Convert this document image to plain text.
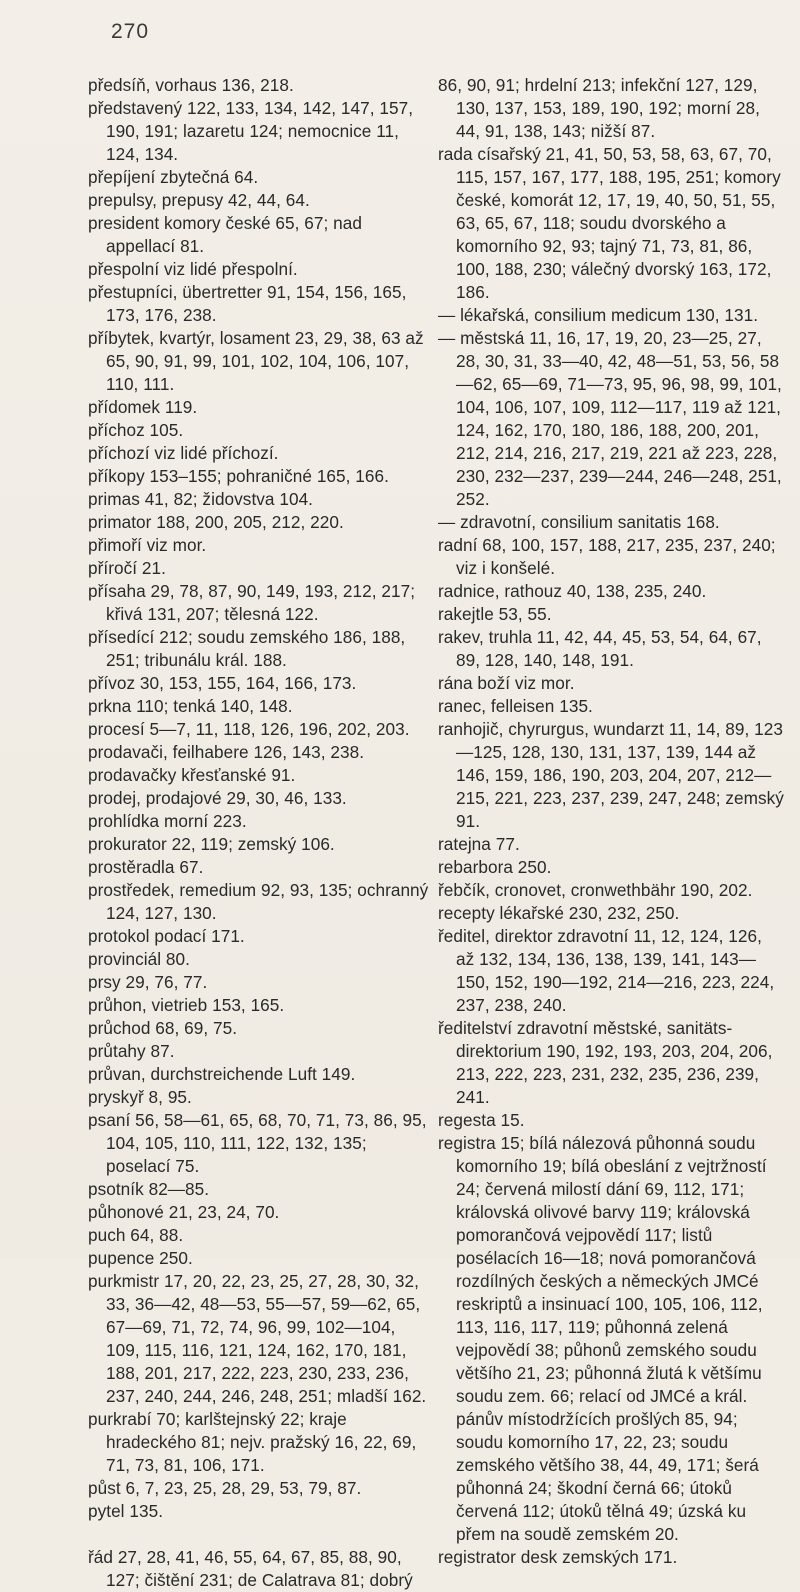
270

předsíň, vorhaus 136, 218.

představený 122, 133, 134, 142, 147, 157, 190, 191; lazaretu 124; nemocnice 11, 124, 134.

přepíjení zbytečná 64.

prepulsy, prepusy 42, 44, 64.

president komory české 65, 67; nad appellací 81.

přespolní viz lidé přespolní.

přestupníci, übertretter 91, 154, 156, 165, 173, 176, 238.

příbytek, kvartýr, losament 23, 29, 38, 63 až 65, 90, 91, 99, 101, 102, 104, 106, 107, 110, 111.

přídomek 119.

příchoz 105.

příchozí viz lidé příchozí.

příkopy 153–155; pohraničné 165, 166.

primas 41, 82; židovstva 104.

primator 188, 200, 205, 212, 220.

přimoří viz mor.

příročí 21.

přísaha 29, 78, 87, 90, 149, 193, 212, 217; křivá 131, 207; tělesná 122.

přísedící 212; soudu zemského 186, 188, 251; tribunálu král. 188.

přívoz 30, 153, 155, 164, 166, 173.

prkna 110; tenká 140, 148.

procesí 5—7, 11, 118, 126, 196, 202, 203.

prodavači, feilhabere 126, 143, 238.

prodavačky křesťanské 91.

prodej, prodajové 29, 30, 46, 133.

prohlídka morní 223.

prokurator 22, 119; zemský 106.

prostěradla 67.

prostředek, remedium 92, 93, 135; ochranný 124, 127, 130.

protokol podací 171.

provinciál 80.

prsy 29, 76, 77.

průhon, vietrieb 153, 165.

průchod 68, 69, 75.

průtahy 87.

průvan, durchstreichende Luft 149.

pryskyř 8, 95.

psaní 56, 58—61, 65, 68, 70, 71, 73, 86, 95, 104, 105, 110, 111, 122, 132, 135; poselací 75.

psotník 82—85.

půhonové 21, 23, 24, 70.

puch 64, 88.

pupence 250.

purkmistr 17, 20, 22, 23, 25, 27, 28, 30, 32, 33, 36—42, 48—53, 55—57, 59—62, 65, 67—69, 71, 72, 74, 96, 99, 102—104, 109, 115, 116, 121, 124, 162, 170, 181, 188, 201, 217, 222, 223, 230, 233, 236, 237, 240, 244, 246, 248, 251; mladší 162.

purkrabí 70; karlštejnský 22; kraje hradeckého 81; nejv. pražský 16, 22, 69, 71, 73, 81, 106, 171.

půst 6, 7, 23, 25, 28, 29, 53, 79, 87.

pytel 135.

řád 27, 28, 41, 46, 55, 64, 67, 85, 88, 90, 127; čištění 231; de Calatrava 81; dobrý

86, 90, 91; hrdelní 213; infekční 127, 129, 130, 137, 153, 189, 190, 192; morní 28, 44, 91, 138, 143; nižší 87.

rada císařský 21, 41, 50, 53, 58, 63, 67, 70, 115, 157, 167, 177, 188, 195, 251; komory české, komorát 12, 17, 19, 40, 50, 51, 55, 63, 65, 67, 118; soudu dvorského a komorního 92, 93; tajný 71, 73, 81, 86, 100, 188, 230; válečný dvorský 163, 172, 186.

— lékařská, consilium medicum 130, 131.

— městská 11, 16, 17, 19, 20, 23—25, 27, 28, 30, 31, 33—40, 42, 48—51, 53, 56, 58—62, 65—69, 71—73, 95, 96, 98, 99, 101, 104, 106, 107, 109, 112—117, 119 až 121, 124, 162, 170, 180, 186, 188, 200, 201, 212, 214, 216, 217, 219, 221 až 223, 228, 230, 232—237, 239—244, 246—248, 251, 252.

— zdravotní, consilium sanitatis 168.

radní 68, 100, 157, 188, 217, 235, 237, 240; viz i konšelé.

radnice, rathouz 40, 138, 235, 240.

rakejtle 53, 55.

rakev, truhla 11, 42, 44, 45, 53, 54, 64, 67, 89, 128, 140, 148, 191.

rána boží viz mor.

ranec, felleisen 135.

ranhojič, chyrurgus, wundarzt 11, 14, 89, 123—125, 128, 130, 131, 137, 139, 144 až 146, 159, 186, 190, 203, 204, 207, 212—215, 221, 223, 237, 239, 247, 248; zemský 91.

ratejna 77.

rebarbora 250.

řebčík, cronovet, cronwethbähr 190, 202.

recepty lékařské 230, 232, 250.

ředitel, direktor zdravotní 11, 12, 124, 126, až 132, 134, 136, 138, 139, 141, 143—150, 152, 190—192, 214—216, 223, 224, 237, 238, 240.

ředitelství zdravotní městské, sanitäts-direktorium 190, 192, 193, 203, 204, 206, 213, 222, 223, 231, 232, 235, 236, 239, 241.

regesta 15.

registra 15; bílá nálezová půhonná soudu komorního 19; bílá obeslání z vejtržností 24; červená milostí dání 69, 112, 171; královská olivové barvy 119; královská pomorančová vejpovědí 117; listů posélacích 16—18; nová pomorančová rozdílných českých a německých JMCé reskriptů a insinuací 100, 105, 106, 112, 113, 116, 117, 119; půhonná zelená vejpovědí 38; půhonů zemského soudu většího 21, 23; půhonná žlutá k většímu soudu zem. 66; relací od JMCé a král. pánův místodržících prošlých 85, 94; soudu komorního 17, 22, 23; soudu zemského většího 38, 44, 49, 171; šerá půhonná 24; škodní černá 66; útoků červená 112; útoků tělná 49; úzská ku přem na soudě zemském 20.

registrator desk zemských 171.
